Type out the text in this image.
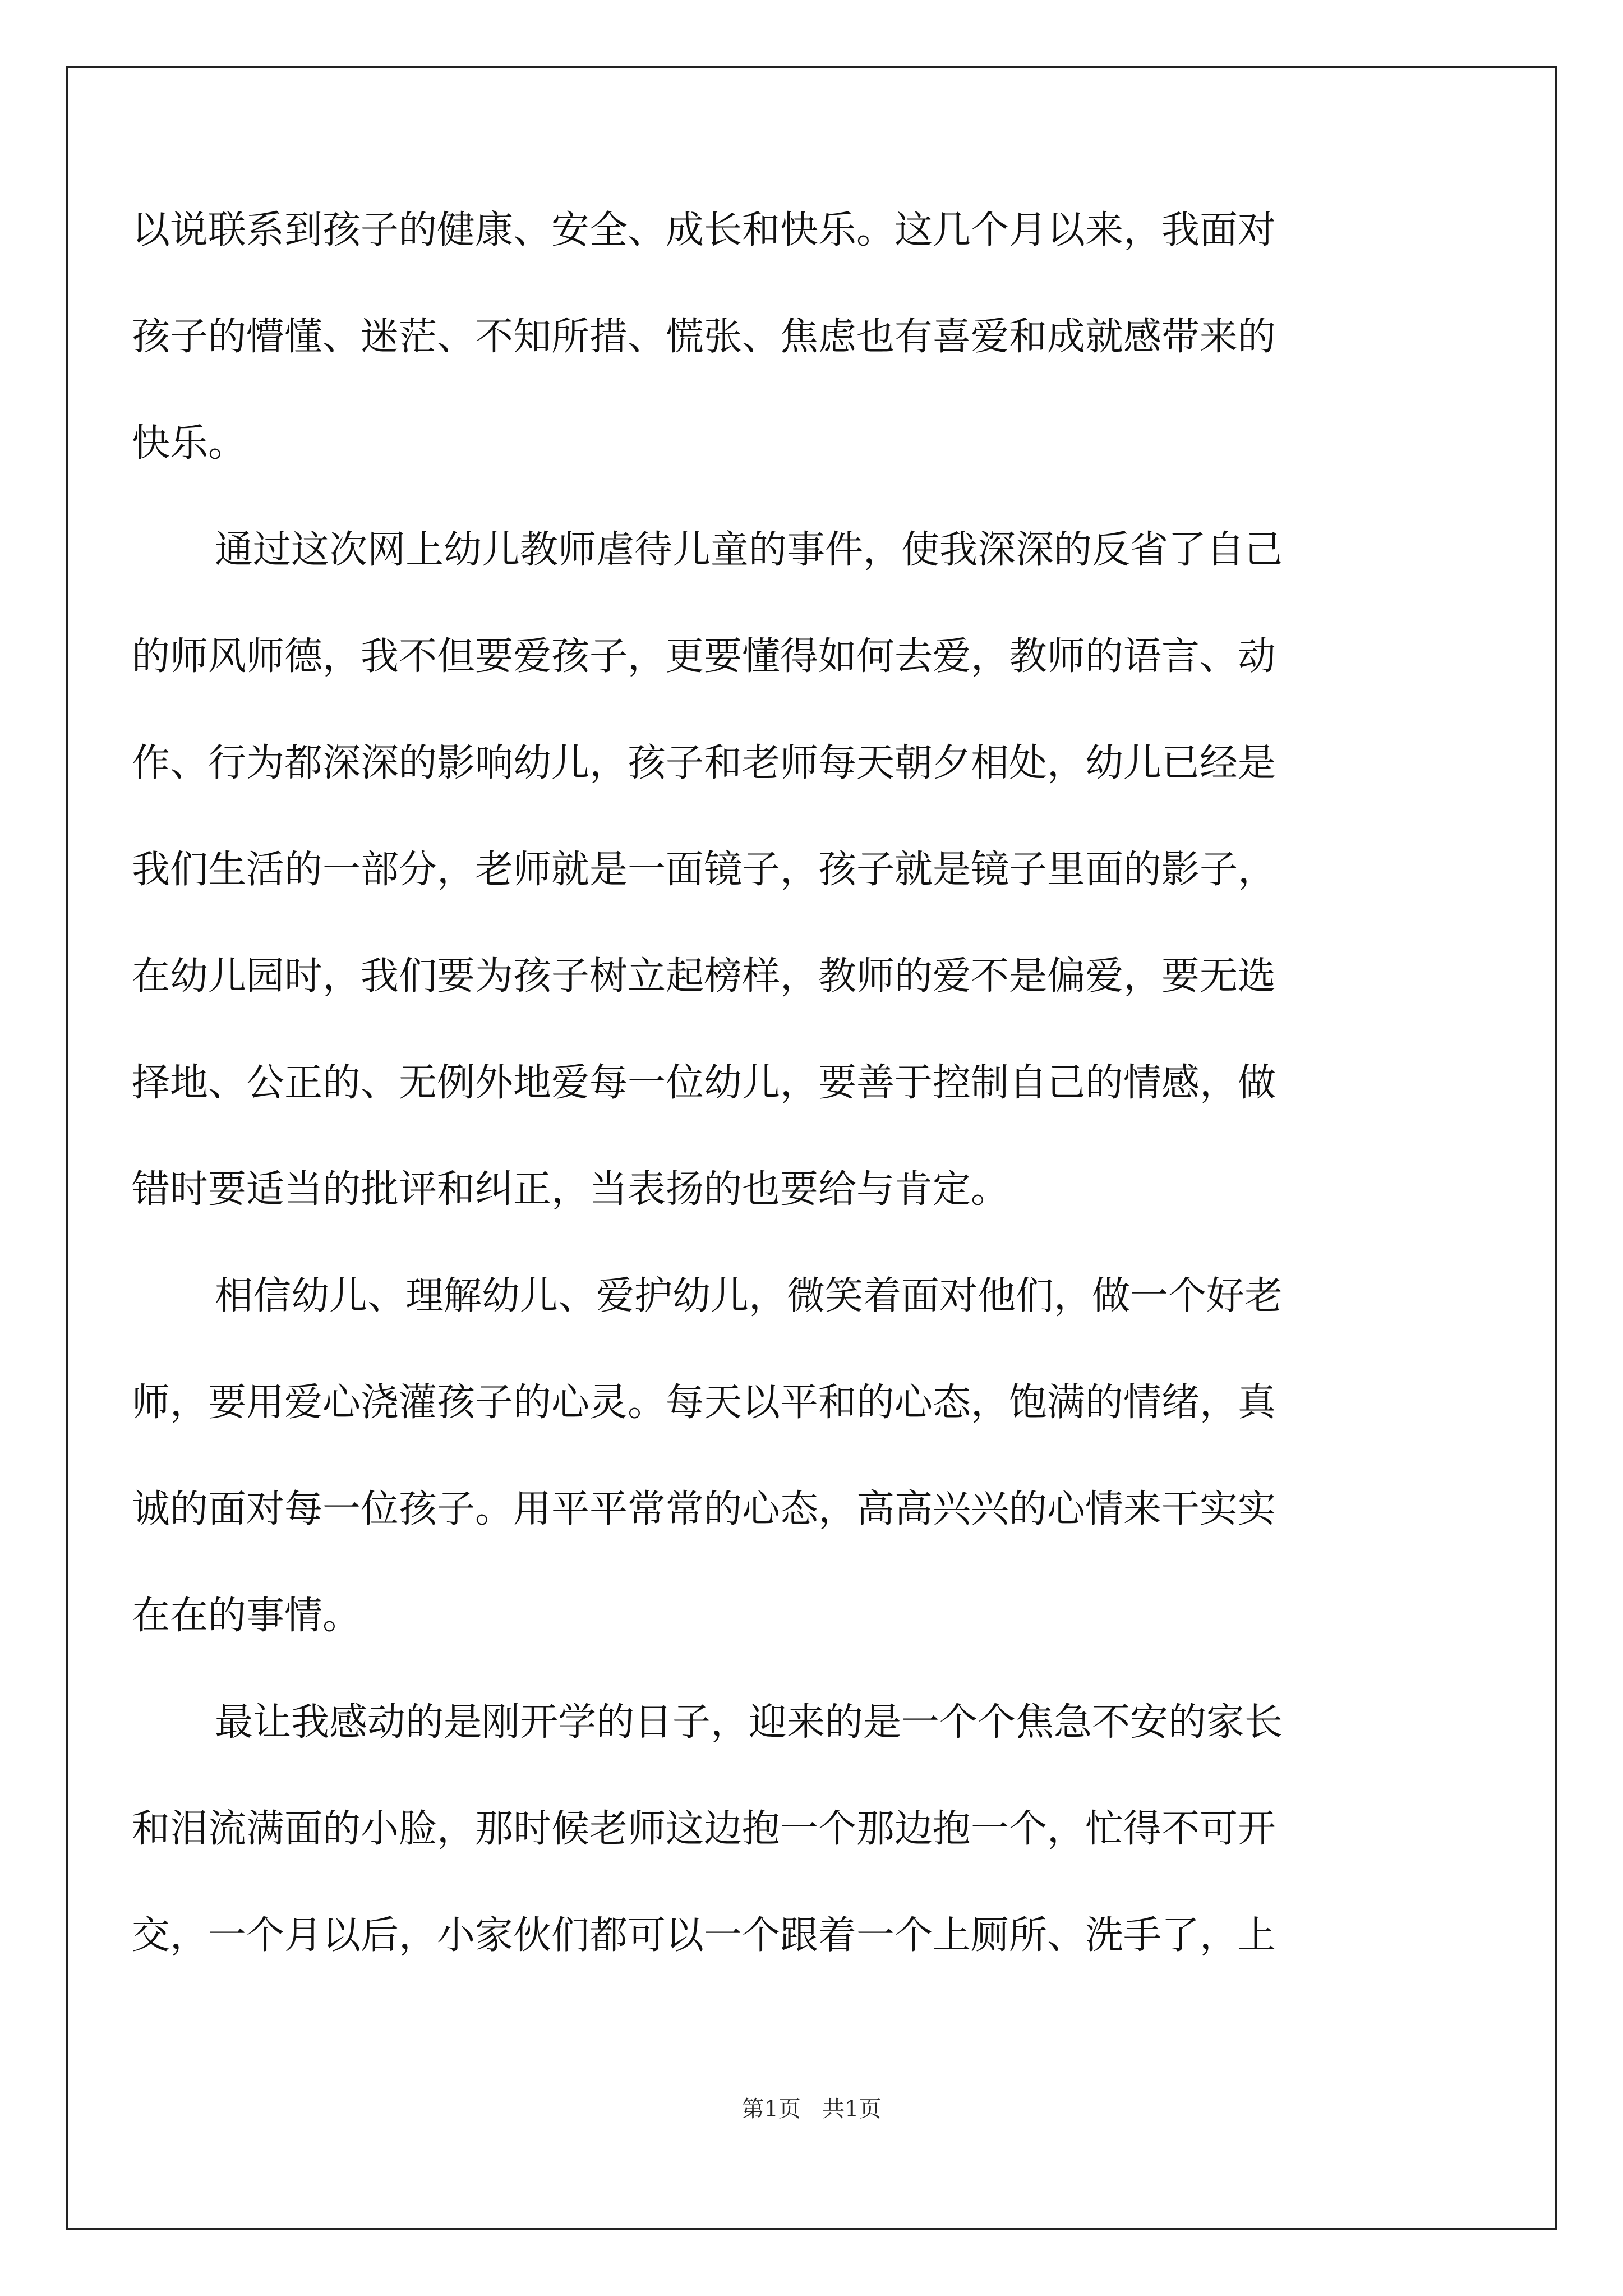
以说联系到孩子的健康、安全、成长和快乐。这几个月以来，我面对
孩子的懵懂、迷茫、不知所措、慌张、焦虑也有喜爱和成就感带来的
快乐。
通过这次网上幼儿教师虐待儿童的事件，使我深深的反省了自己
的师风师德，我不但要爱孩子，更要懂得如何去爱，教师的语言、动
作、行为都深深的影响幼儿，孩子和老师每天朝夕相处，幼儿已经是
我们生活的一部分，老师就是一面镜子，孩子就是镜子里面的影子，
在幼儿园时，我们要为孩子树立起榜样，教师的爱不是偏爱，要无选
择地、公正的、无例外地爱每一位幼儿，要善于控制自己的情感，做
错时要适当的批评和纠正，当表扬的也要给与肯定。
相信幼儿、理解幼儿、爱护幼儿，微笑着面对他们，做一个好老
师，要用爱心浇灌孩子的心灵。每天以平和的心态，饱满的情绪，真
诚的面对每一位孩子。用平平常常的心态，高高兴兴的心情来干实实
在在的事情。
最让我感动的是刚开学的日子，迎来的是一个个焦急不安的家长
和泪流满面的小脸，那时候老师这边抱一个那边抱一个，忙得不可开
交，一个月以后，小家伙们都可以一个跟着一个上厕所、洗手了，上
第1页   共1页
